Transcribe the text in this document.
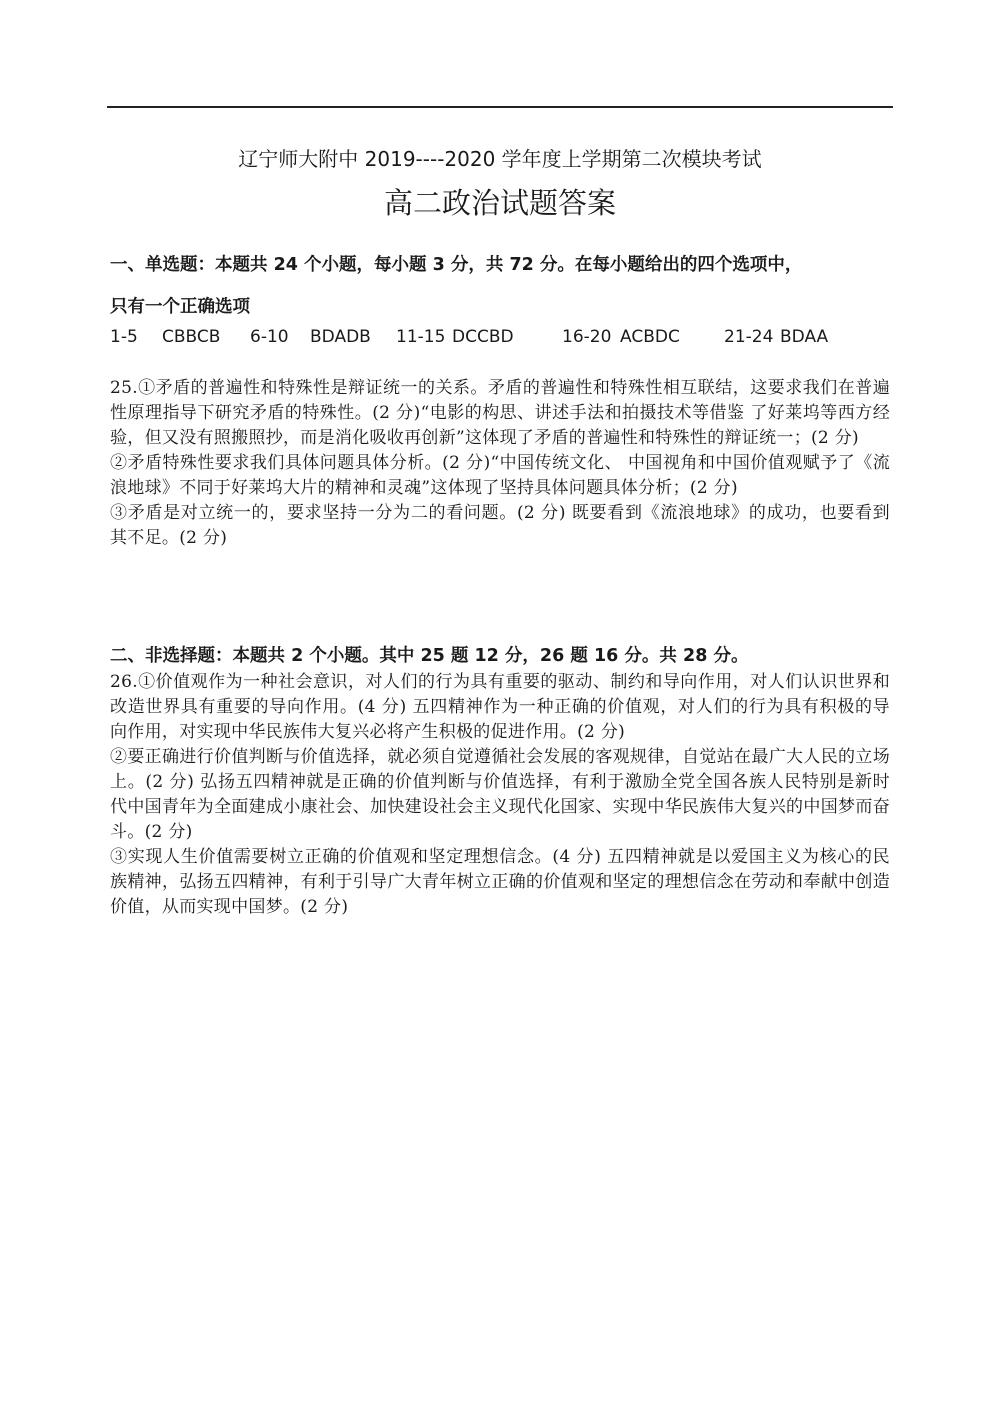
辽宁师大附中 2019----2020 学年度上学期第二次模块考试
高二政治试题答案
一、单选题：本题共 24 个小题，每小题 3 分，共 72 分。在每小题给出的四个选项中，
只有一个正确选项
1-5	CBBCB	6-10	BDADB	11-15 DCCBD	16-20 ACBDC	21-24 BDAA

25.①矛盾的普遍性和特殊性是辩证统一的关系。矛盾的普遍性和特殊性相互联结，这要求我们在普遍性原理指导下研究矛盾的特殊性。(2 分)“电影的构思、讲述手法和拍摄技术等借鉴 了好莱坞等西方经验，但又没有照搬照抄，而是消化吸收再创新”这体现了矛盾的普遍性和特殊性的辩证统一；(2 分)

②矛盾特殊性要求我们具体问题具体分析。(2 分)“中国传统文化、 中国视角和中国价值观赋予了《流浪地球》不同于好莱坞大片的精神和灵魂”这体现了坚持具体问题具体分析；(2 分)

③矛盾是对立统一的，要求坚持一分为二的看问题。(2 分) 既要看到《流浪地球》的成功，也要看到其不足。(2 分)

二、非选择题：本题共 2 个小题。其中 25 题 12 分，26 题 16 分。共 28 分。

26.①价值观作为一种社会意识，对人们的行为具有重要的驱动、制约和导向作用，对人们认识世界和改造世界具有重要的导向作用。(4 分) 五四精神作为一种正确的价值观，对人们的行为具有积极的导向作用，对实现中华民族伟大复兴必将产生积极的促进作用。(2 分)

②要正确进行价值判断与价值选择，就必须自觉遵循社会发展的客观规律，自觉站在最广大人民的立场上。(2 分) 弘扬五四精神就是正确的价值判断与价值选择，有利于激励全党全国各族人民特别是新时代中国青年为全面建成小康社会、加快建设社会主义现代化国家、实现中华民族伟大复兴的中国梦而奋斗。(2 分)

③实现人生价值需要树立正确的价值观和坚定理想信念。(4 分) 五四精神就是以爱国主义为核心的民族精神，弘扬五四精神，有利于引导广大青年树立正确的价值观和坚定的理想信念在劳动和奉献中创造价值，从而实现中国梦。(2 分)
